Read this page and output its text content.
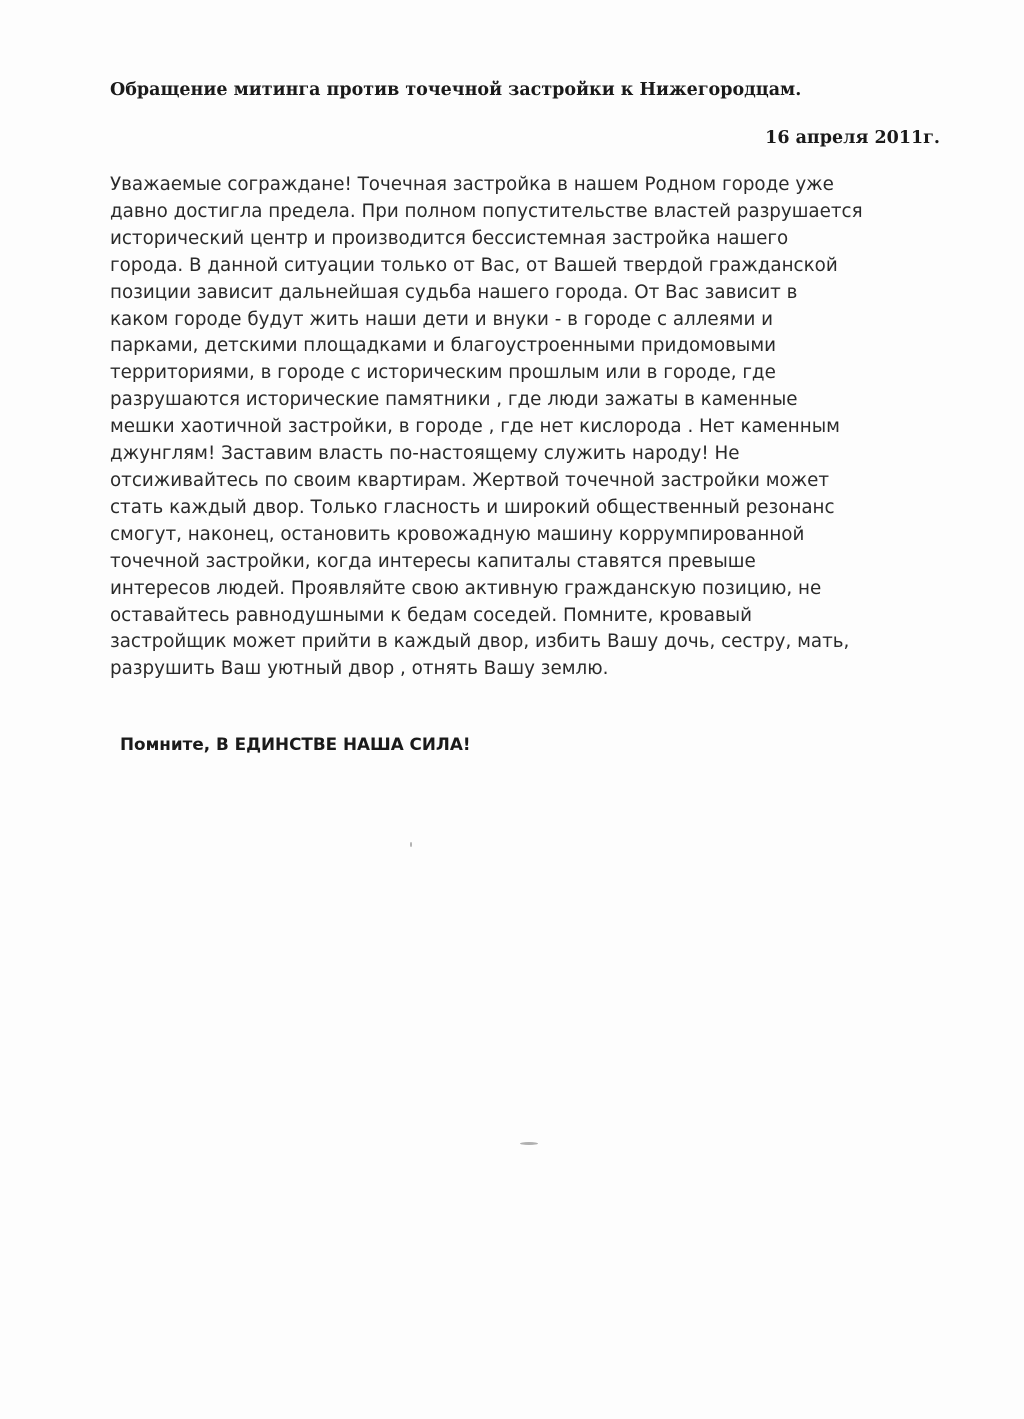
Обращение митинга против точечной застройки к Нижегородцам.
16 апреля 2011г.

Уважаемые сограждане! Точечная застройка в нашем Родном городе уже
давно достигла предела. При полном попустительстве властей разрушается
исторический центр и производится бессистемная застройка нашего
города. В данной ситуации только от Вас, от Вашей твердой гражданской
позиции зависит дальнейшая судьба нашего города. От Вас зависит в
каком городе будут жить наши дети и внуки - в городе с аллеями и
парками, детскими площадками и благоустроенными придомовыми
территориями, в городе с историческим прошлым или в городе, где
разрушаются исторические памятники , где люди зажаты в каменные
мешки хаотичной застройки, в городе , где нет кислорода . Нет каменным
джунглям! Заставим власть по-настоящему служить народу! Не
отсиживайтесь по своим квартирам. Жертвой точечной застройки может
стать каждый двор. Только гласность и широкий общественный резонанс
смогут, наконец, остановить кровожадную машину коррумпированной
точечной застройки, когда интересы капиталы ставятся превыше
интересов людей. Проявляйте свою активную гражданскую позицию, не
оставайтесь равнодушными к бедам соседей. Помните, кровавый
застройщик может прийти в каждый двор, избить Вашу дочь, сестру, мать,
разрушить Ваш уютный двор , отнять Вашу землю.

Помните, В ЕДИНСТВЕ НАША СИЛА!
